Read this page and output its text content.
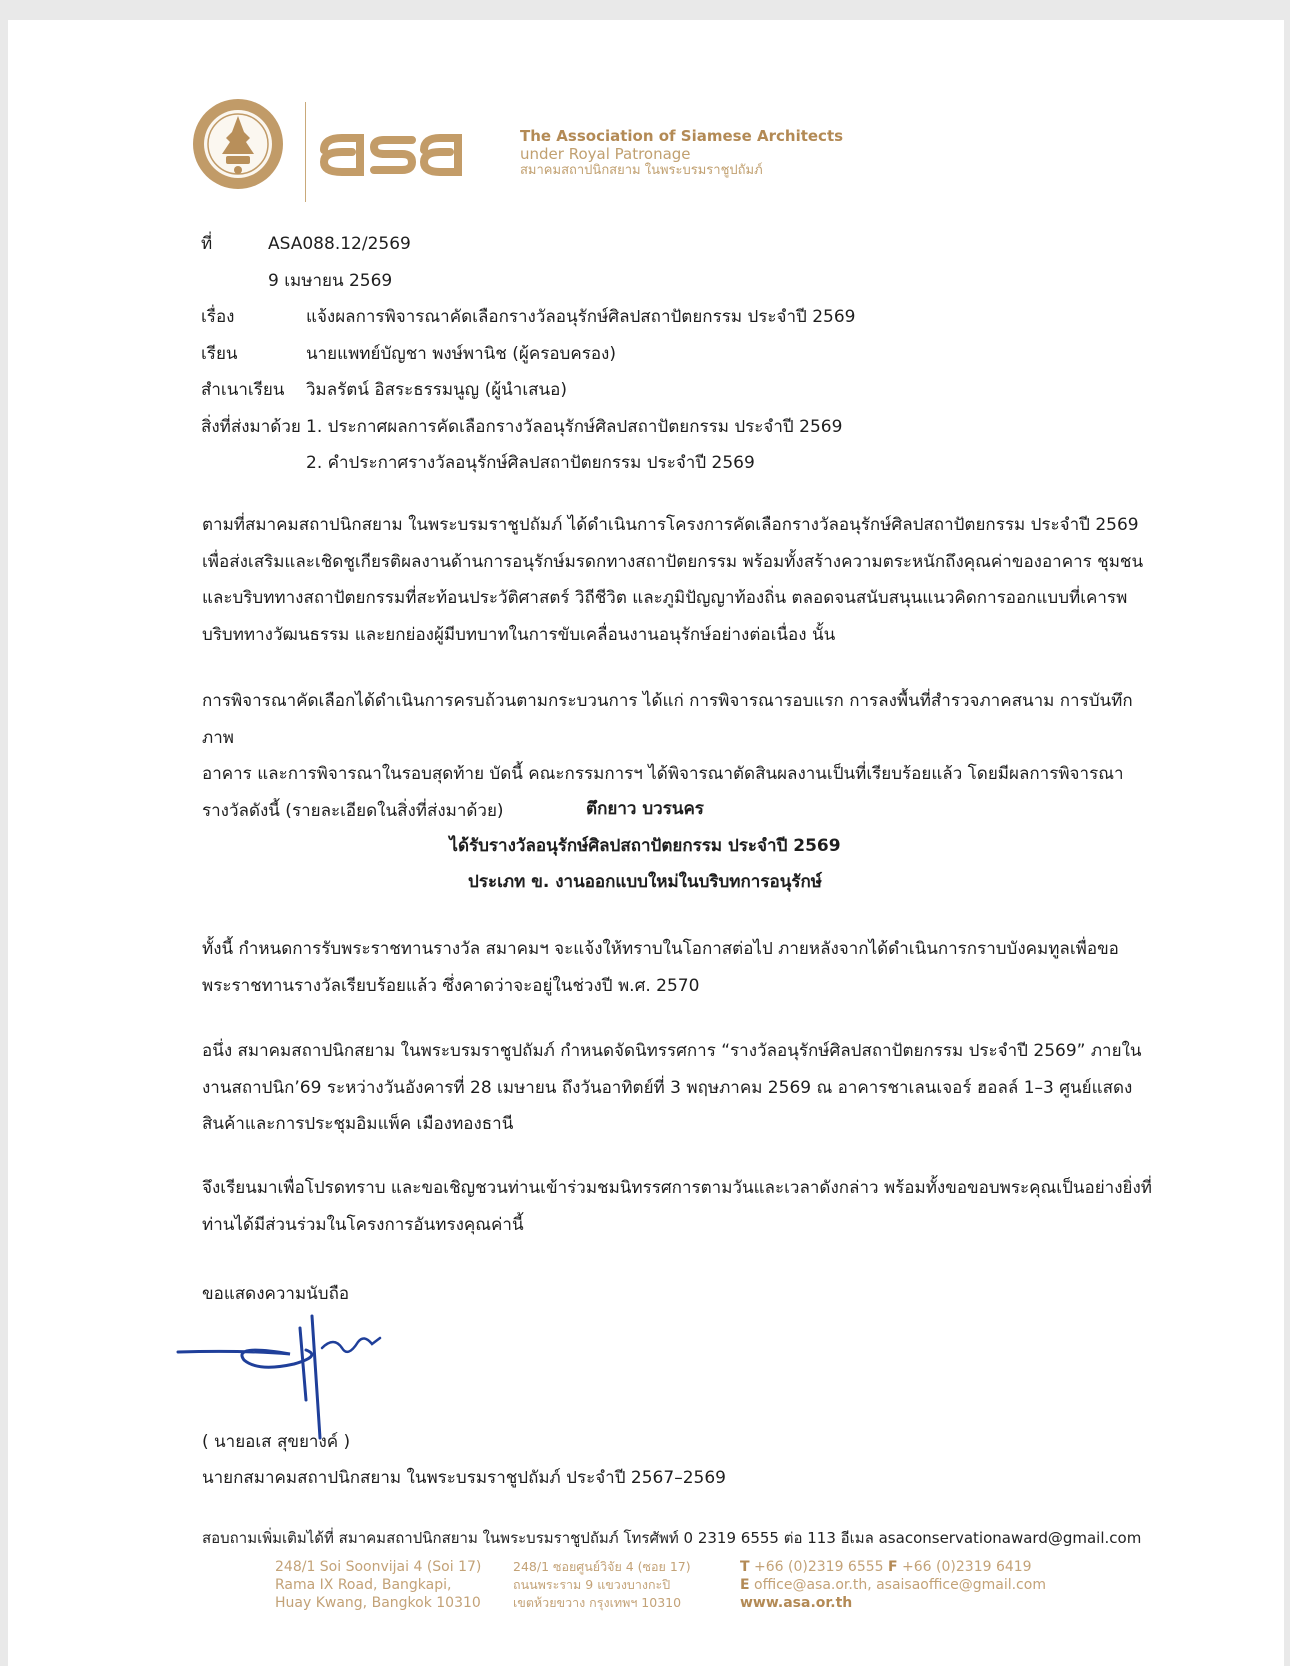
The Association of Siamese Architects
under Royal Patronage
สมาคมสถาปนิกสยาม ในพระบรมราชูปถัมภ์
ที่	ASA088.12/2569
9 เมษายน 2569
เรื่อง	แจ้งผลการพิจารณาคัดเลือกรางวัลอนุรักษ์ศิลปสถาปัตยกรรม ประจำปี 2569
เรียน	นายแพทย์บัญชา พงษ์พานิช (ผู้ครอบครอง)
สำเนาเรียน วิมลรัตน์ อิสระธรรมนูญ (ผู้นำเสนอ)
สิ่งที่ส่งมาด้วย 1. ประกาศผลการคัดเลือกรางวัลอนุรักษ์ศิลปสถาปัตยกรรม ประจำปี 2569
2. คำประกาศรางวัลอนุรักษ์ศิลปสถาปัตยกรรม ประจำปี 2569

ตามที่สมาคมสถาปนิกสยาม ในพระบรมราชูปถัมภ์ ได้ดำเนินการโครงการคัดเลือกรางวัลอนุรักษ์ศิลปสถาปัตยกรรม ประจำปี 2569

เพื่อส่งเสริมและเชิดชูเกียรติผลงานด้านการอนุรักษ์มรดกทางสถาปัตยกรรม พร้อมทั้งสร้างความตระหนักถึงคุณค่าของอาคาร ชุมชน

และบริบททางสถาปัตยกรรมที่สะท้อนประวัติศาสตร์ วิถีชีวิต และภูมิปัญญาท้องถิ่น ตลอดจนสนับสนุนแนวคิดการออกแบบที่เคารพ

บริบททางวัฒนธรรม และยกย่องผู้มีบทบาทในการขับเคลื่อนงานอนุรักษ์อย่างต่อเนื่อง นั้น

การพิจารณาคัดเลือกได้ดำเนินการครบถ้วนตามกระบวนการ ได้แก่ การพิจารณารอบแรก การลงพื้นที่สำรวจภาคสนาม การบันทึกภาพ

อาคาร และการพิจารณาในรอบสุดท้าย บัดนี้ คณะกรรมการฯ ได้พิจารณาตัดสินผลงานเป็นที่เรียบร้อยแล้ว โดยมีผลการพิจารณา

รางวัลดังนี้ (รายละเอียดในสิ่งที่ส่งมาด้วย)	ตึกยาว บวรนคร
ได้รับรางวัลอนุรักษ์ศิลปสถาปัตยกรรม ประจำปี 2569
ประเภท ข. งานออกแบบใหม่ในบริบทการอนุรักษ์

ทั้งนี้ กำหนดการรับพระราชทานรางวัล สมาคมฯ จะแจ้งให้ทราบในโอกาสต่อไป ภายหลังจากได้ดำเนินการกราบบังคมทูลเพื่อขอ

พระราชทานรางวัลเรียบร้อยแล้ว ซึ่งคาดว่าจะอยู่ในช่วงปี พ.ศ. 2570

อนึ่ง สมาคมสถาปนิกสยาม ในพระบรมราชูปถัมภ์ กำหนดจัดนิทรรศการ “รางวัลอนุรักษ์ศิลปสถาปัตยกรรม ประจำปี 2569” ภายใน

งานสถาปนิก’69 ระหว่างวันอังคารที่ 28 เมษายน ถึงวันอาทิตย์ที่ 3 พฤษภาคม 2569 ณ อาคารชาเลนเจอร์ ฮอลล์ 1–3 ศูนย์แสดง

สินค้าและการประชุมอิมแพ็ค เมืองทองธานี

จึงเรียนมาเพื่อโปรดทราบ และขอเชิญชวนท่านเข้าร่วมชมนิทรรศการตามวันและเวลาดังกล่าว พร้อมทั้งขอขอบพระคุณเป็นอย่างยิ่งที่

ท่านได้มีส่วนร่วมในโครงการอันทรงคุณค่านี้

ขอแสดงความนับถือ
( นายอเส สุขยางค์ )
นายกสมาคมสถาปนิกสยาม ในพระบรมราชูปถัมภ์ ประจำปี 2567–2569
สอบถามเพิ่มเติมได้ที่ สมาคมสถาปนิกสยาม ในพระบรมราชูปถัมภ์ โทรศัพท์ 0 2319 6555 ต่อ 113 อีเมล asaconservationaward@gmail.com
248/1 Soi Soonvijai 4 (Soi 17)
Rama IX Road, Bangkapi,
Huay Kwang, Bangkok 10310
248/1 ซอยศูนย์วิจัย 4 (ซอย 17)
ถนนพระราม 9 แขวงบางกะปิ
เขตห้วยขวาง กรุงเทพฯ 10310
T +66 (0)2319 6555 F +66 (0)2319 6419
E office@asa.or.th, asaisaoffice@gmail.com
www.asa.or.th
